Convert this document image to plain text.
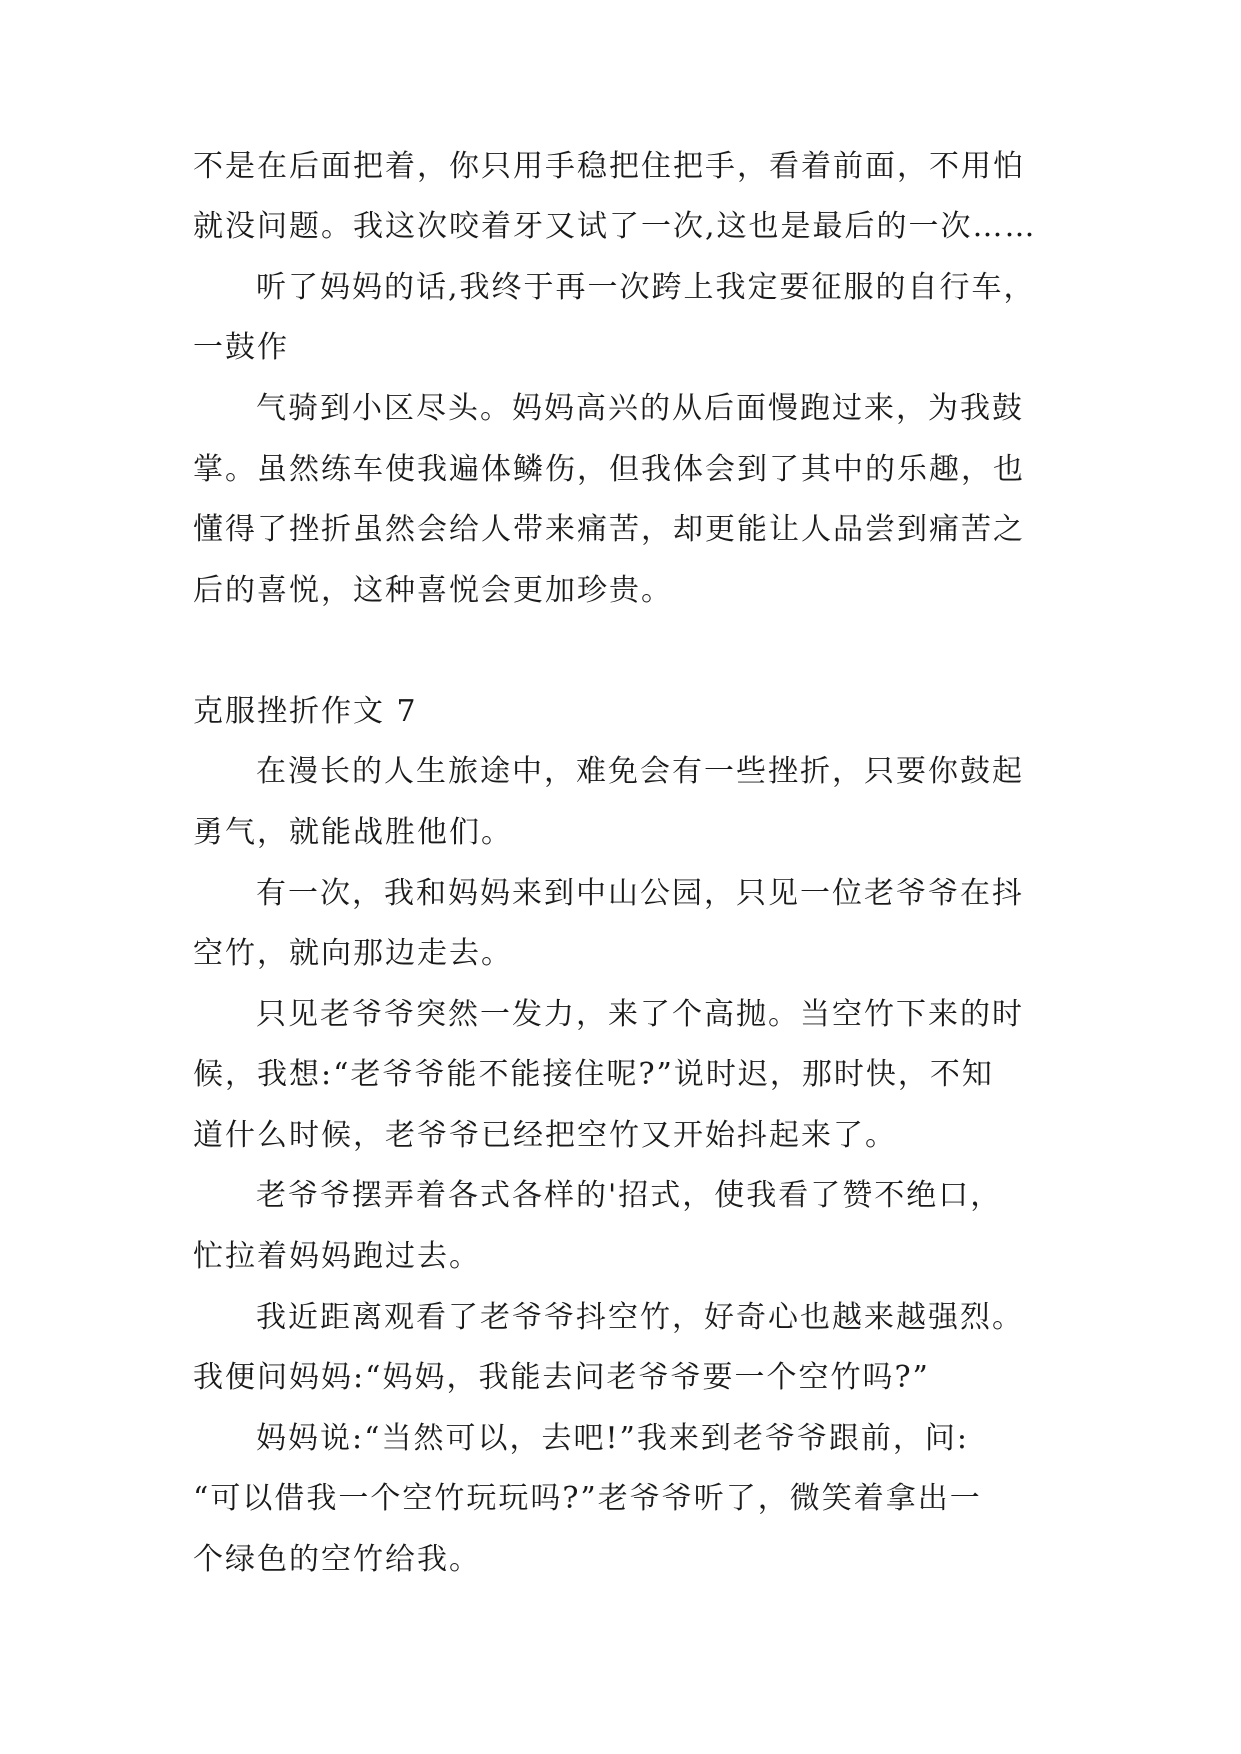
不是在后面把着，你只用手稳把住把手，看着前面，不用怕
就没问题。我这次咬着牙又试了一次,这也是最后的一次……
听了妈妈的话,我终于再一次跨上我定要征服的自行车，
一鼓作
气骑到小区尽头。妈妈高兴的从后面慢跑过来，为我鼓
掌。虽然练车使我遍体鳞伤，但我体会到了其中的乐趣，也
懂得了挫折虽然会给人带来痛苦，却更能让人品尝到痛苦之
后的喜悦，这种喜悦会更加珍贵。
克服挫折作文 7
在漫长的人生旅途中，难免会有一些挫折，只要你鼓起
勇气，就能战胜他们。
有一次，我和妈妈来到中山公园，只见一位老爷爷在抖
空竹，就向那边走去。
只见老爷爷突然一发力，来了个高抛。当空竹下来的时
候，我想:“老爷爷能不能接住呢?”说时迟，那时快，不知
道什么时候，老爷爷已经把空竹又开始抖起来了。
老爷爷摆弄着各式各样的'招式，使我看了赞不绝口，
忙拉着妈妈跑过去。
我近距离观看了老爷爷抖空竹，好奇心也越来越强烈。
我便问妈妈:“妈妈，我能去问老爷爷要一个空竹吗?”
妈妈说:“当然可以，去吧!”我来到老爷爷跟前，问:
“可以借我一个空竹玩玩吗?”老爷爷听了，微笑着拿出一
个绿色的空竹给我。
